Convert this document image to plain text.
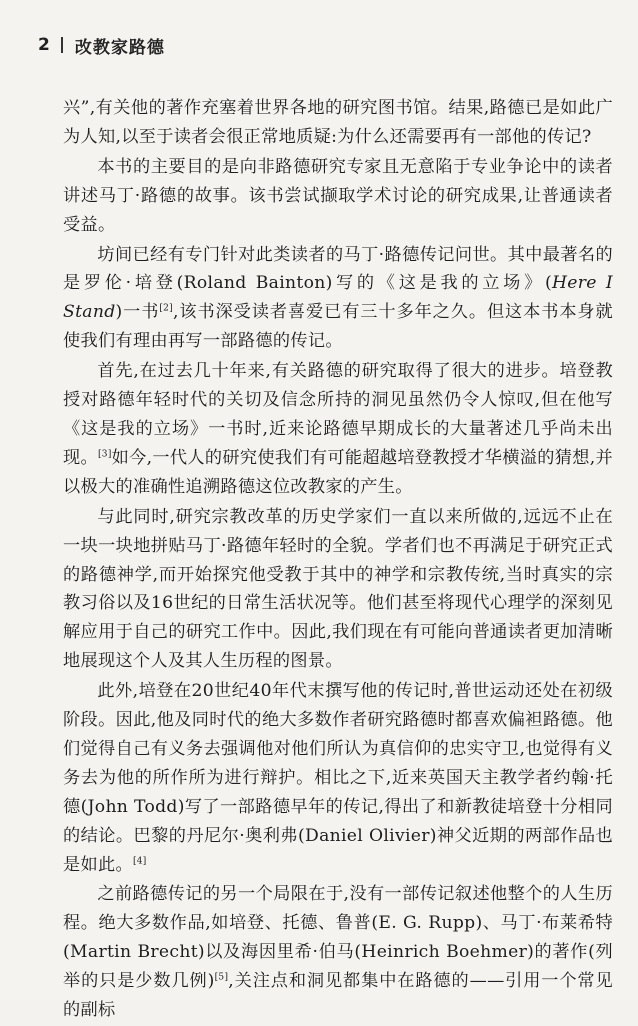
2 改教家路德

兴”,有关他的著作充塞着世界各地的研究图书馆。结果,路德已是如此广为人知,以至于读者会很正常地质疑:为什么还需要再有一部他的传记?

本书的主要目的是向非路德研究专家且无意陷于专业争论中的读者讲述马丁·路德的故事。该书尝试撷取学术讨论的研究成果,让普通读者受益。

坊间已经有专门针对此类读者的马丁·路德传记问世。其中最著名的是罗伦·培登(Roland Bainton)写的《这是我的立场》(Here I Stand)一书[2],该书深受读者喜爱已有三十多年之久。但这本书本身就使我们有理由再写一部路德的传记。

首先,在过去几十年来,有关路德的研究取得了很大的进步。培登教授对路德年轻时代的关切及信念所持的洞见虽然仍令人惊叹,但在他写《这是我的立场》一书时,近来论路德早期成长的大量著述几乎尚未出现。[3]如今,一代人的研究使我们有可能超越培登教授才华横溢的猜想,并以极大的准确性追溯路德这位改教家的产生。

与此同时,研究宗教改革的历史学家们一直以来所做的,远远不止在一块一块地拼贴马丁·路德年轻时的全貌。学者们也不再满足于研究正式的路德神学,而开始探究他受教于其中的神学和宗教传统,当时真实的宗教习俗以及16世纪的日常生活状况等。他们甚至将现代心理学的深刻见解应用于自己的研究工作中。因此,我们现在有可能向普通读者更加清晰地展现这个人及其人生历程的图景。

此外,培登在20世纪40年代末撰写他的传记时,普世运动还处在初级阶段。因此,他及同时代的绝大多数作者研究路德时都喜欢偏袒路德。他们觉得自己有义务去强调他对他们所认为真信仰的忠实守卫,也觉得有义务去为他的所作所为进行辩护。相比之下,近来英国天主教学者约翰·托德(John Todd)写了一部路德早年的传记,得出了和新教徒培登十分相同的结论。巴黎的丹尼尔·奥利弗(Daniel Olivier)神父近期的两部作品也是如此。[4]

之前路德传记的另一个局限在于,没有一部传记叙述他整个的人生历程。绝大多数作品,如培登、托德、鲁普(E. G. Rupp)、马丁·布莱希特(Martin Brecht)以及海因里希·伯马(Heinrich Boehmer)的著作(列举的只是少数几例)[5],关注点和洞见都集中在路德的——引用一个常见的副标
